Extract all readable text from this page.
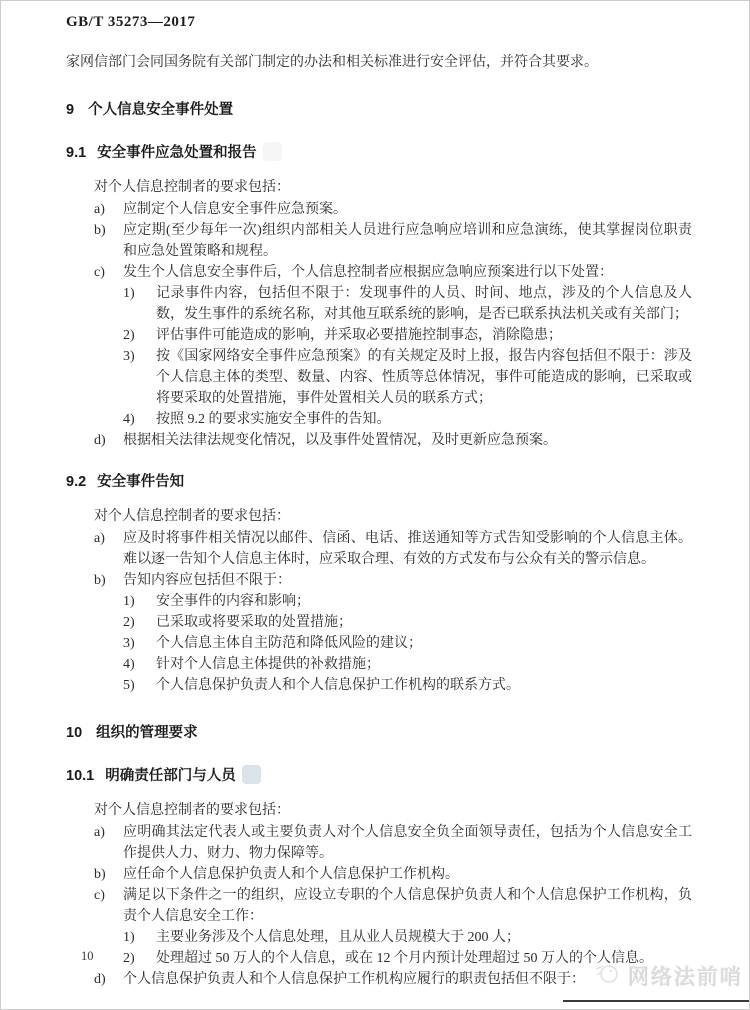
GB/T 35273—2017
家网信部门会同国务院有关部门制定的办法和相关标准进行安全评估，并符合其要求。
9 个人信息安全事件处置
9.1 安全事件应急处置和报告
对个人信息控制者的要求包括：
a)	应制定个人信息安全事件应急预案。
b)	应定期(至少每年一次)组织内部相关人员进行应急响应培训和应急演练，使其掌握岗位职责和应急处置策略和规程。
c)	发生个人信息安全事件后，个人信息控制者应根据应急响应预案进行以下处置：
1)	记录事件内容，包括但不限于：发现事件的人员、时间、地点，涉及的个人信息及人数，发生事件的系统名称，对其他互联系统的影响，是否已联系执法机关或有关部门；
2)	评估事件可能造成的影响，并采取必要措施控制事态，消除隐患；
3)	按《国家网络安全事件应急预案》的有关规定及时上报，报告内容包括但不限于：涉及个人信息主体的类型、数量、内容、性质等总体情况，事件可能造成的影响，已采取或将要采取的处置措施，事件处置相关人员的联系方式；
4)	按照 9.2 的要求实施安全事件的告知。
d)	根据相关法律法规变化情况，以及事件处置情况，及时更新应急预案。
9.2 安全事件告知
对个人信息控制者的要求包括：
a)	应及时将事件相关情况以邮件、信函、电话、推送通知等方式告知受影响的个人信息主体。难以逐一告知个人信息主体时，应采取合理、有效的方式发布与公众有关的警示信息。
b)	告知内容应包括但不限于：
1)	安全事件的内容和影响；
2)	已采取或将要采取的处置措施；
3)	个人信息主体自主防范和降低风险的建议；
4)	针对个人信息主体提供的补救措施；
5)	个人信息保护负责人和个人信息保护工作机构的联系方式。
10 组织的管理要求
10.1 明确责任部门与人员
对个人信息控制者的要求包括：
a)	应明确其法定代表人或主要负责人对个人信息安全负全面领导责任，包括为个人信息安全工作提供人力、财力、物力保障等。
b)	应任命个人信息保护负责人和个人信息保护工作机构。
c)	满足以下条件之一的组织，应设立专职的个人信息保护负责人和个人信息保护工作机构，负责个人信息安全工作：
1)	主要业务涉及个人信息处理，且从业人员规模大于 200 人；
2)	处理超过 50 万人的个人信息，或在 12 个月内预计处理超过 50 万人的个人信息。
d)	个人信息保护负责人和个人信息保护工作机构应履行的职责包括但不限于：
10
网络法前哨
